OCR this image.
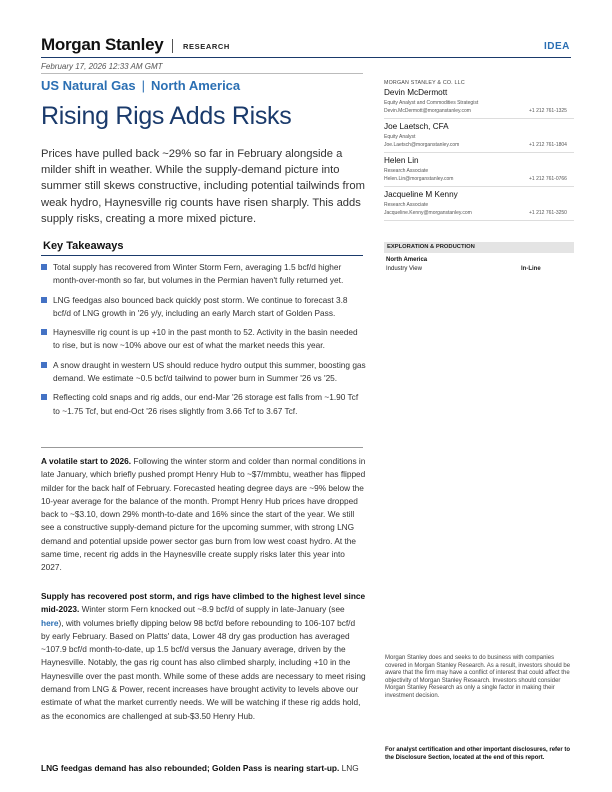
Morgan Stanley	RESEARCH	IDEA
February 17, 2026 12:33 AM GMT
US Natural Gas | North America
Rising Rigs Adds Risks
Prices have pulled back ~29% so far in February alongside a milder shift in weather. While the supply-demand picture into summer still skews constructive, including potential tailwinds from weak hydro, Haynesville rig counts have risen sharply. This adds supply risks, creating a more mixed picture.
Key Takeaways
Total supply has recovered from Winter Storm Fern, averaging 1.5 bcf/d higher month-over-month so far, but volumes in the Permian haven't fully returned yet.
LNG feedgas also bounced back quickly post storm. We continue to forecast 3.8 bcf/d of LNG growth in '26 y/y, including an early March start of Golden Pass.
Haynesville rig count is up +10 in the past month to 52. Activity in the basin needed to rise, but is now ~10% above our est of what the market needs this year.
A snow draught in western US should reduce hydro output this summer, boosting gas demand. We estimate ~0.5 bcf/d tailwind to power burn in Summer '26 vs '25.
Reflecting cold snaps and rig adds, our end-Mar '26 storage est falls from ~1.90 Tcf to ~1.75 Tcf, but end-Oct '26 rises slightly from 3.66 Tcf to 3.67 Tcf.
A volatile start to 2026. Following the winter storm and colder than normal conditions in late January, which briefly pushed prompt Henry Hub to ~$7/mmbtu, weather has flipped milder for the back half of February. Forecasted heating degree days are ~9% below the 10-year average for the balance of the month. Prompt Henry Hub prices have dropped back to ~$3.10, down 29% month-to-date and 16% since the start of the year. We still see a constructive supply-demand picture for the upcoming summer, with strong LNG demand and potential upside power sector gas burn from low west coast hydro. At the same time, recent rig adds in the Haynesville create supply risks later this year into 2027.
Supply has recovered post storm, and rigs have climbed to the highest level since mid-2023. Winter storm Fern knocked out ~8.9 bcf/d of supply in late-January (see here), with volumes briefly dipping below 98 bcf/d before rebounding to 106-107 bcf/d by early February. Based on Platts' data, Lower 48 dry gas production has averaged ~107.9 bcf/d month-to-date, up 1.5 bcf/d versus the January average, driven by the Haynesville. Notably, the gas rig count has also climbed sharply, including +10 in the Haynesville over the past month. While some of these adds are necessary to meet rising demand from LNG & Power, recent increases have brought activity to levels above our estimate of what the market currently needs. We will be watching if these rig adds hold, as the economics are challenged at sub-$3.50 Henry Hub.
LNG feedgas demand has also rebounded; Golden Pass is nearing start-up. LNG
MORGAN STANLEY & CO. LLC
Devin McDermott
Equity Analyst and Commodities Strategist
Devin.McDermott@morganstanley.com	+1 212 761-1325
Joe Laetsch, CFA
Equity Analyst
Joe.Laetsch@morganstanley.com	+1 212 761-1804
Helen Lin
Research Associate
Helen.Lin@morganstanley.com	+1 212 761-0766
Jacqueline M Kenny
Research Associate
Jacqueline.Kenny@morganstanley.com	+1 212 761-3250
EXPLORATION & PRODUCTION
North America
Industry View	In-Line
Morgan Stanley does and seeks to do business with companies covered in Morgan Stanley Research. As a result, investors should be aware that the firm may have a conflict of interest that could affect the objectivity of Morgan Stanley Research. Investors should consider Morgan Stanley Research as only a single factor in making their investment decision.
For analyst certification and other important disclosures, refer to the Disclosure Section, located at the end of this report.
